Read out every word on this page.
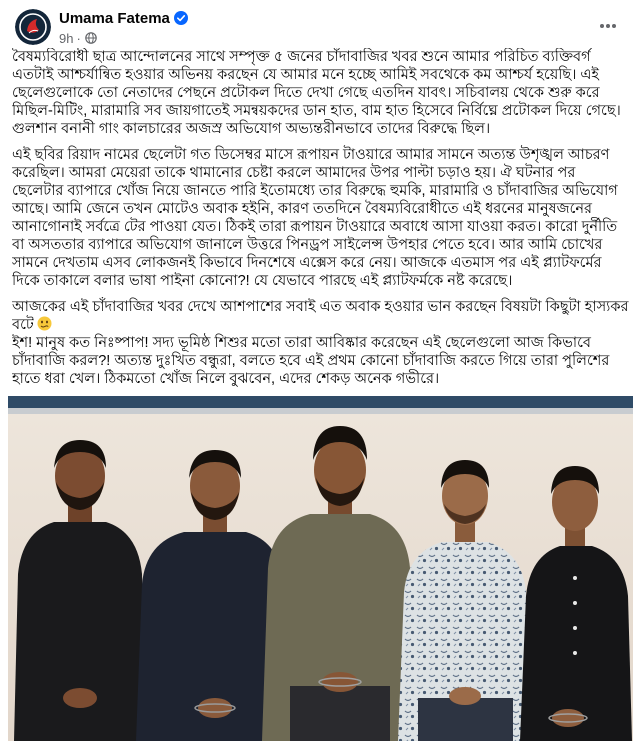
Umama Fatema
9h ·

বৈষম্যবিরোধী ছাত্র আন্দোলনের সাথে সম্পৃক্ত ৫ জনের চাঁদাবাজির খবর শুনে আমার পরিচিত ব্যক্তিবর্গ এতটাই আশ্চর্যান্বিত হওয়ার অভিনয় করছেন যে আমার মনে হচ্ছে আমিই সবথেকে কম আশ্চর্য হয়েছি। এই ছেলেগুলোকে তো নেতাদের পেছনে প্রটোকল দিতে দেখা গেছে এতদিন যাবৎ। সচিবালয় থেকে শুরু করে মিছিল-মিটিং, মারামারি সব জায়গাতেই সমন্বয়কদের ডান হাত, বাম হাত হিসেবে নির্বিঘ্নে প্রটোকল দিয়ে গেছে। গুলশান বনানী গাং কালচারের অজস্র অভিযোগ অভ্যন্তরীনভাবে তাদের বিরুদ্ধে ছিল।

এই ছবির রিয়াদ নামের ছেলেটা গত ডিসেম্বর মাসে রূপায়ন টাওয়ারে আমার সামনে অত্যন্ত উশৃঙ্খল আচরণ করেছিল। আমরা মেয়েরা তাকে থামানোর চেষ্টা করলে আমাদের উপর পাল্টা চড়াও হয়। ঐ ঘটনার পর ছেলেটার ব্যাপারে খোঁজ নিয়ে জানতে পারি ইতোমধ্যে তার বিরুদ্ধে হুমকি, মারামারি ও চাঁদাবাজির অভিযোগ আছে। আমি জেনে তখন মোটেও অবাক হইনি, কারণ ততদিনে বৈষম্যবিরোধীতে এই ধরনের মানুষজনের আনাগোনাই সর্বত্রে টের পাওয়া যেত। ঠিকই তারা রূপায়ন টাওয়ারে অবাধে আসা যাওয়া করত। কারো দুর্নীতি বা অসততার ব্যাপারে অভিযোগ জানালে উত্তরে পিনড্রপ সাইলেন্স উপহার পেতে হবে। আর আমি চোখের সামনে দেখতাম এসব লোকজনই কিভাবে দিনশেষে এক্সেস করে নেয়। আজকে এতমাস পর এই প্ল্যাটফর্মের দিকে তাকালে বলার ভাষা পাইনা কোনো?! যে যেভাবে পারছে এই প্ল্যাটফর্মকে নষ্ট করেছে।

আজকের এই চাঁদাবাজির খবর দেখে আশপাশের সবাই এত অবাক হওয়ার ভান করছেন বিষয়টা কিছুটা হাস্যকর বটে
ইশ! মানুষ কত নিঃষ্পাপ! সদ্য ভূমিষ্ঠ শিশুর মতো তারা আবিষ্কার করেছেন এই ছেলেগুলো আজ কিভাবে চাঁদাবাজি করল?! অত্যন্ত দুঃখিত বন্ধুরা, বলতে হবে এই প্রথম কোনো চাঁদাবাজি করতে গিয়ে তারা পুলিশের হাতে ধরা খেল। ঠিকমতো খোঁজ নিলে বুঝবেন, এদের শেকড় অনেক গভীরে।
